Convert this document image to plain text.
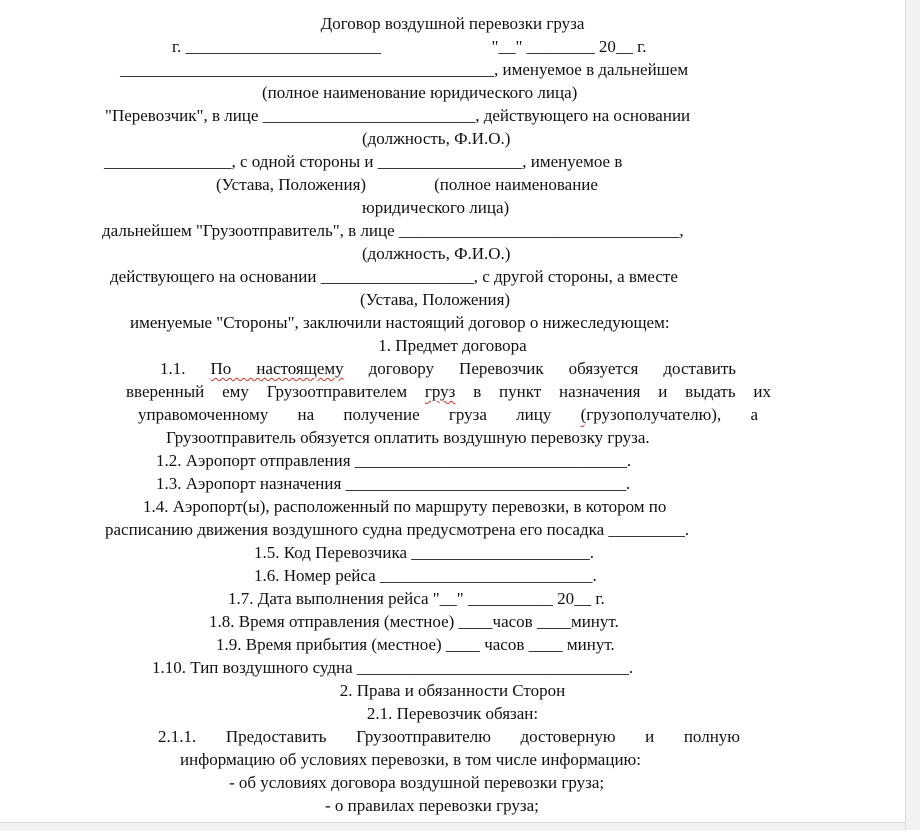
Договор воздушной перевозки груза
г. _______________________                          "__" ________ 20__ г.
____________________________________________, именуемое в дальнейшем
(полное наименование юридического лица)
"Перевозчик", в лице _________________________, действующего на основании
(должность, Ф.И.О.)
_______________, с одной стороны и _________________, именуемое в
(Устава, Положения)                (полное наименование
юридического лица)
дальнейшем "Грузоотправитель", в лице _________________________________,
(должность, Ф.И.О.)
действующего на основании __________________, с другой стороны, а вместе
(Устава, Положения)
именуемые "Стороны", заключили настоящий договор о нижеследующем:
1. Предмет договора
1.1. По настоящему договору Перевозчик обязуется доставить
вверенный ему Грузоотправителем груз в пункт назначения и выдать их
управомоченному на получение груза лицу (грузополучателю), а
Грузоотправитель обязуется оплатить воздушную перевозку груза.
1.2. Аэропорт отправления ________________________________.
1.3. Аэропорт назначения _________________________________.
1.4. Аэропорт(ы), расположенный по маршруту перевозки, в котором по
расписанию движения воздушного судна предусмотрена его посадка _________.
1.5. Код Перевозчика _____________________.
1.6. Номер рейса _________________________.
1.7. Дата выполнения рейса "__" __________ 20__ г.
1.8. Время отправления (местное) ____часов ____минут.
1.9. Время прибытия (местное) ____ часов ____ минут.
1.10. Тип воздушного судна ________________________________.
2. Права и обязанности Сторон
2.1. Перевозчик обязан:
2.1.1. Предоставить Грузоотправителю достоверную и полную
информацию об условиях перевозки, в том числе информацию:
- об условиях договора воздушной перевозки груза;
- о правилах перевозки груза;
